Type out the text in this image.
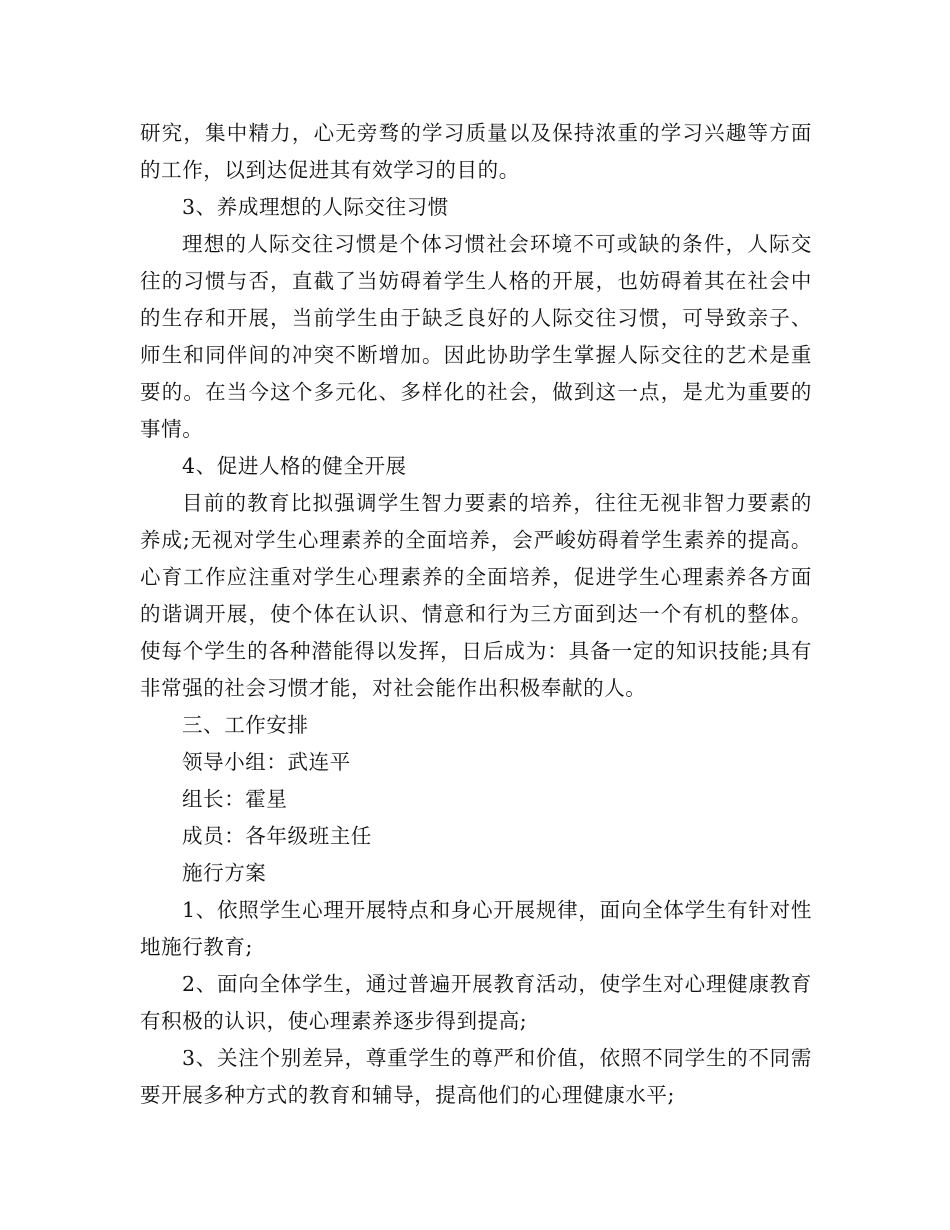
研究，集中精力，心无旁骛的学习质量以及保持浓重的学习兴趣等方面的工作，以到达促进其有效学习的目的。

3、养成理想的人际交往习惯

理想的人际交往习惯是个体习惯社会环境不可或缺的条件，人际交往的习惯与否，直截了当妨碍着学生人格的开展，也妨碍着其在社会中的生存和开展，当前学生由于缺乏良好的人际交往习惯，可导致亲子、师生和同伴间的冲突不断增加。因此协助学生掌握人际交往的艺术是重要的。在当今这个多元化、多样化的社会，做到这一点，是尤为重要的事情。

4、促进人格的健全开展

目前的教育比拟强调学生智力要素的培养，往往无视非智力要素的养成;无视对学生心理素养的全面培养，会严峻妨碍着学生素养的提高。心育工作应注重对学生心理素养的全面培养，促进学生心理素养各方面的谐调开展，使个体在认识、情意和行为三方面到达一个有机的整体。使每个学生的各种潜能得以发挥，日后成为：具备一定的知识技能;具有非常强的社会习惯才能，对社会能作出积极奉献的人。

三、工作安排

领导小组：武连平

组长：霍星

成员：各年级班主任

施行方案

1、依照学生心理开展特点和身心开展规律，面向全体学生有针对性地施行教育;

2、面向全体学生，通过普遍开展教育活动，使学生对心理健康教育有积极的认识，使心理素养逐步得到提高;

3、关注个别差异，尊重学生的尊严和价值，依照不同学生的不同需要开展多种方式的教育和辅导，提高他们的心理健康水平;
